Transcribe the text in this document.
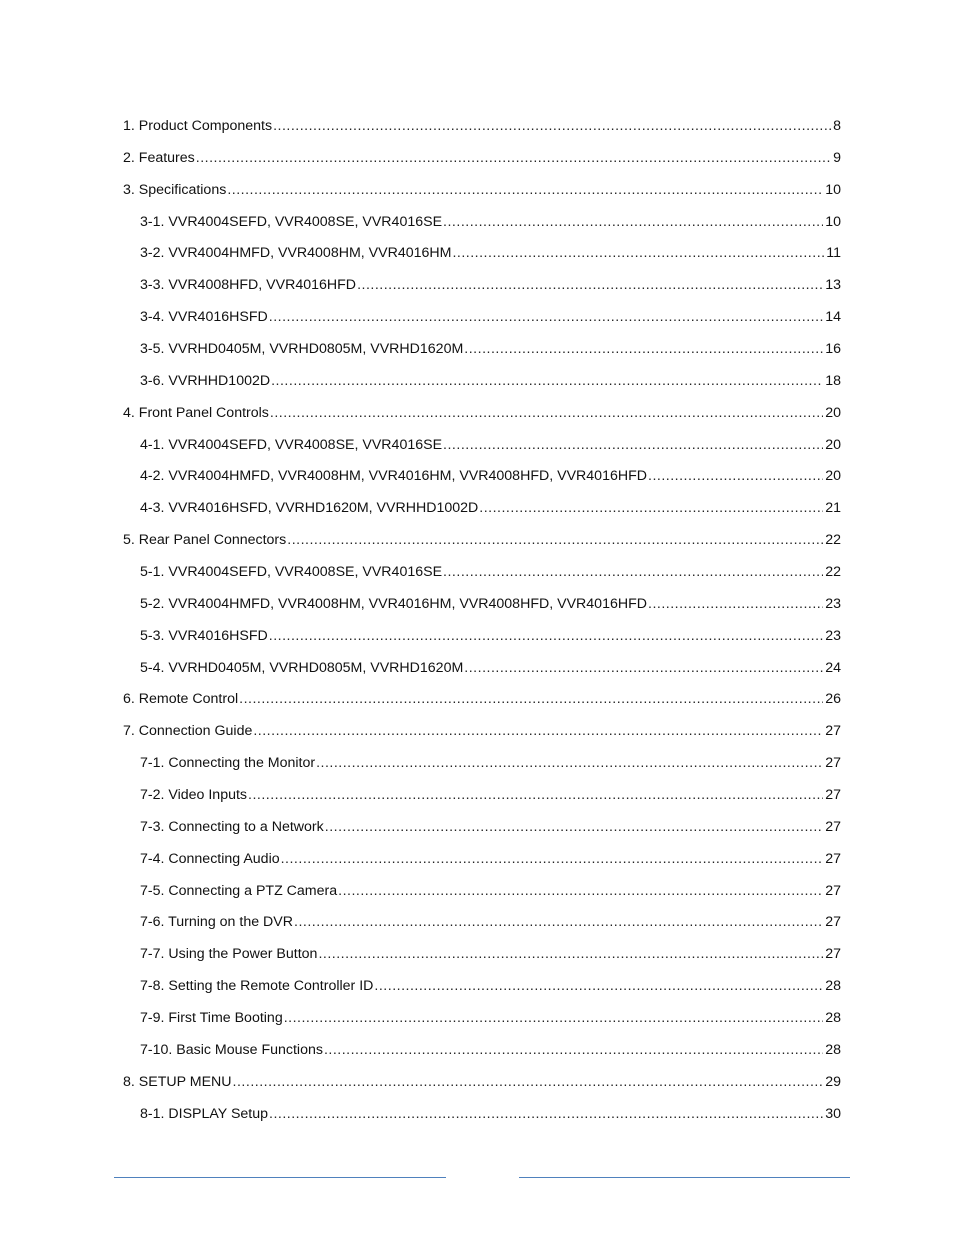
1. Product Components .....	8
2. Features .....	9
3. Specifications .....	10
3-1. VVR4004SEFD, VVR4008SE, VVR4016SE .....	10
3-2. VVR4004HMFD, VVR4008HM, VVR4016HM .....	11
3-3. VVR4008HFD, VVR4016HFD .....	13
3-4. VVR4016HSFD .....	14
3-5. VVRHD0405M, VVRHD0805M, VVRHD1620M .....	16
3-6. VVRHHD1002D .....	18
4. Front Panel Controls .....	20
4-1. VVR4004SEFD, VVR4008SE, VVR4016SE .....	20
4-2. VVR4004HMFD, VVR4008HM, VVR4016HM, VVR4008HFD, VVR4016HFD .....	20
4-3. VVR4016HSFD, VVRHD1620M, VVRHHD1002D .....	21
5. Rear Panel Connectors .....	22
5-1. VVR4004SEFD, VVR4008SE, VVR4016SE .....	22
5-2. VVR4004HMFD, VVR4008HM, VVR4016HM, VVR4008HFD, VVR4016HFD .....	23
5-3. VVR4016HSFD .....	23
5-4. VVRHD0405M, VVRHD0805M, VVRHD1620M .....	24
6. Remote Control .....	26
7. Connection Guide .....	27
7-1. Connecting the Monitor .....	27
7-2. Video Inputs .....	27
7-3. Connecting to a Network .....	27
7-4. Connecting Audio .....	27
7-5. Connecting a PTZ Camera .....	27
7-6. Turning on the DVR .....	27
7-7. Using the Power Button .....	27
7-8. Setting the Remote Controller ID .....	28
7-9. First Time Booting .....	28
7-10. Basic Mouse Functions .....	28
8. SETUP MENU .....	29
8-1. DISPLAY Setup .....	30
